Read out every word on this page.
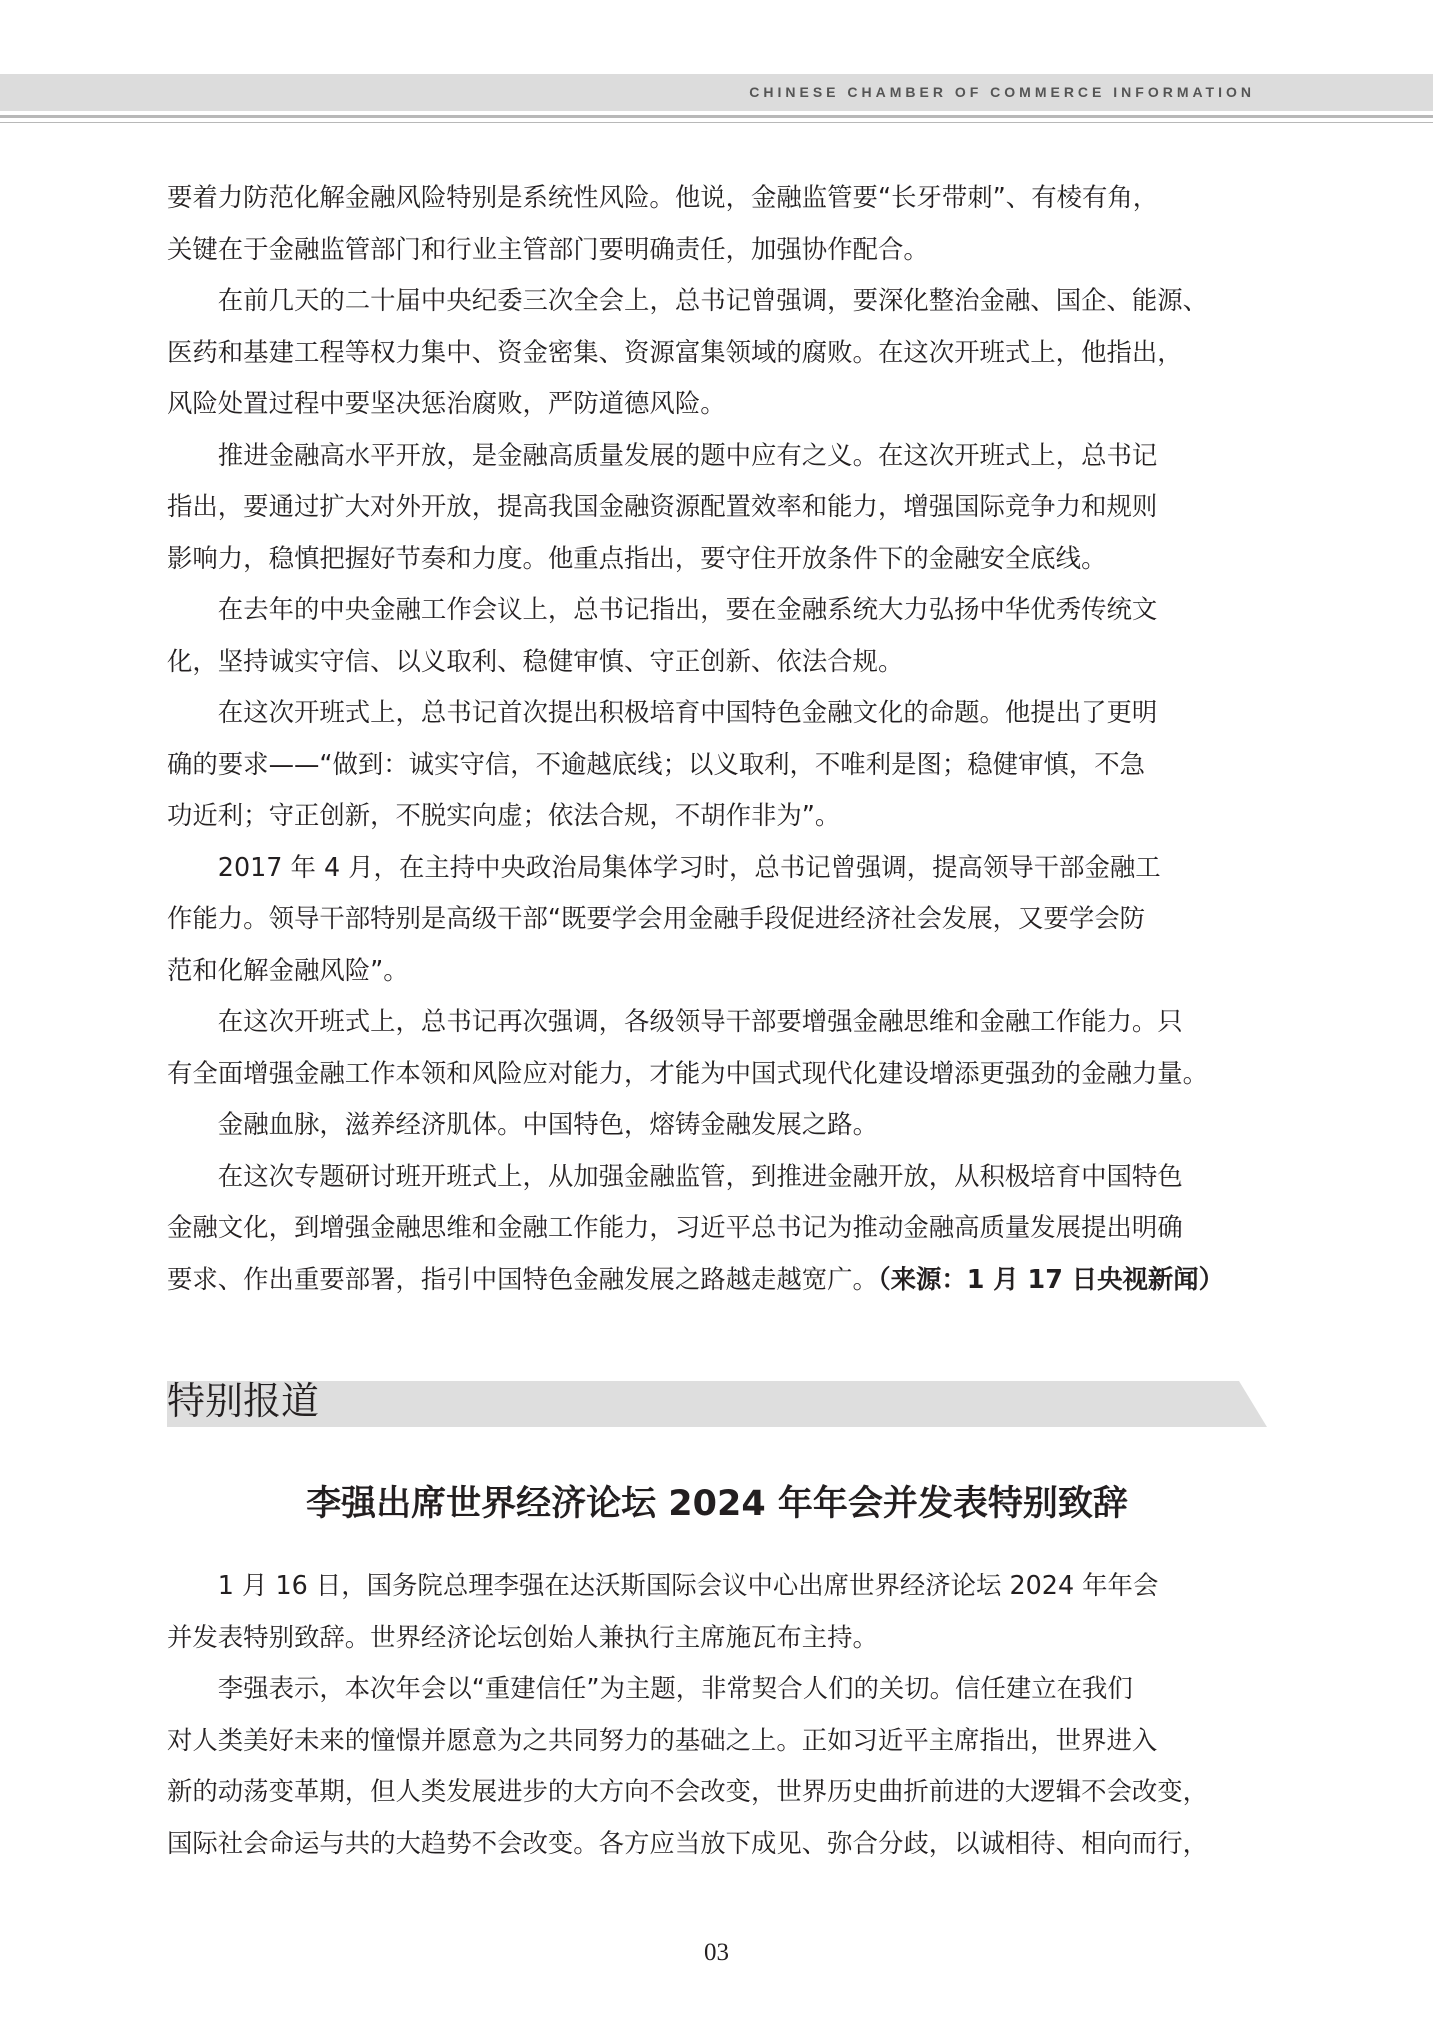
CHINESE CHAMBER OF COMMERCE INFORMATION

要着力防范化解金融风险特别是系统性风险。他说，金融监管要“长牙带刺”、有棱有角，

关键在于金融监管部门和行业主管部门要明确责任，加强协作配合。

在前几天的二十届中央纪委三次全会上，总书记曾强调，要深化整治金融、国企、能源、

医药和基建工程等权力集中、资金密集、资源富集领域的腐败。在这次开班式上，他指出，

风险处置过程中要坚决惩治腐败，严防道德风险。

推进金融高水平开放，是金融高质量发展的题中应有之义。在这次开班式上，总书记

指出，要通过扩大对外开放，提高我国金融资源配置效率和能力，增强国际竞争力和规则

影响力，稳慎把握好节奏和力度。他重点指出，要守住开放条件下的金融安全底线。

在去年的中央金融工作会议上，总书记指出，要在金融系统大力弘扬中华优秀传统文

化，坚持诚实守信、以义取利、稳健审慎、守正创新、依法合规。

在这次开班式上，总书记首次提出积极培育中国特色金融文化的命题。他提出了更明

确的要求——“做到：诚实守信，不逾越底线；以义取利，不唯利是图；稳健审慎，不急

功近利；守正创新，不脱实向虚；依法合规，不胡作非为”。

2017 年 4 月，在主持中央政治局集体学习时，总书记曾强调，提高领导干部金融工

作能力。领导干部特别是高级干部“既要学会用金融手段促进经济社会发展，又要学会防

范和化解金融风险”。

在这次开班式上，总书记再次强调，各级领导干部要增强金融思维和金融工作能力。只

有全面增强金融工作本领和风险应对能力，才能为中国式现代化建设增添更强劲的金融力量。

金融血脉，滋养经济肌体。中国特色，熔铸金融发展之路。

在这次专题研讨班开班式上，从加强金融监管，到推进金融开放，从积极培育中国特色

金融文化，到增强金融思维和金融工作能力，习近平总书记为推动金融高质量发展提出明确

要求、作出重要部署，指引中国特色金融发展之路越走越宽广。（来源：1 月 17 日央视新闻）

特别报道
李强出席世界经济论坛 2024 年年会并发表特别致辞

1 月 16 日，国务院总理李强在达沃斯国际会议中心出席世界经济论坛 2024 年年会

并发表特别致辞。世界经济论坛创始人兼执行主席施瓦布主持。

李强表示，本次年会以“重建信任”为主题，非常契合人们的关切。信任建立在我们

对人类美好未来的憧憬并愿意为之共同努力的基础之上。正如习近平主席指出，世界进入

新的动荡变革期，但人类发展进步的大方向不会改变，世界历史曲折前进的大逻辑不会改变，

国际社会命运与共的大趋势不会改变。各方应当放下成见、弥合分歧，以诚相待、相向而行，

03
